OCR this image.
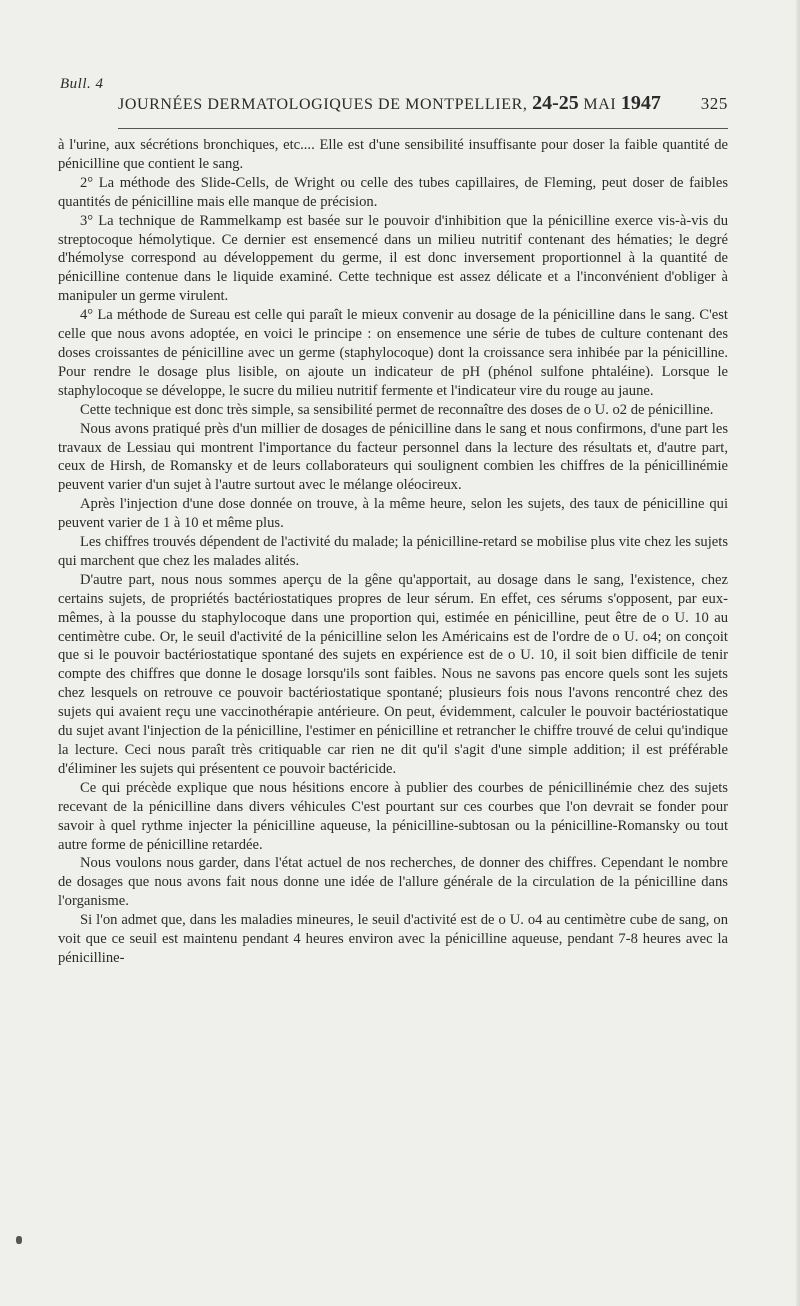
Bull. 4
JOURNÉES DERMATOLOGIQUES DE MONTPELLIER, 24-25 MAI 1947 325

à l'urine, aux sécrétions bronchiques, etc.... Elle est d'une sensibilité insuffisante pour doser la faible quantité de pénicilline que contient le sang.

2° La méthode des Slide-Cells, de Wright ou celle des tubes capillaires, de Fleming, peut doser de faibles quantités de pénicilline mais elle manque de précision.

3° La technique de Rammelkamp est basée sur le pouvoir d'inhibition que la pénicilline exerce vis-à-vis du streptocoque hémolytique. Ce dernier est ensemencé dans un milieu nutritif contenant des hématies; le degré d'hémolyse correspond au développement du germe, il est donc inversement proportionnel à la quantité de pénicilline contenue dans le liquide examiné. Cette technique est assez délicate et a l'inconvénient d'obliger à manipuler un germe virulent.

4° La méthode de Sureau est celle qui paraît le mieux convenir au dosage de la pénicilline dans le sang. C'est celle que nous avons adoptée, en voici le principe : on ensemence une série de tubes de culture contenant des doses croissantes de pénicilline avec un germe (staphylocoque) dont la croissance sera inhibée par la pénicilline. Pour rendre le dosage plus lisible, on ajoute un indicateur de pH (phénol sulfone phtaléine). Lorsque le staphylocoque se développe, le sucre du milieu nutritif fermente et l'indicateur vire du rouge au jaune.

Cette technique est donc très simple, sa sensibilité permet de reconnaître des doses de o U. o2 de pénicilline.

Nous avons pratiqué près d'un millier de dosages de pénicilline dans le sang et nous confirmons, d'une part les travaux de Lessiau qui montrent l'importance du facteur personnel dans la lecture des résultats et, d'autre part, ceux de Hirsh, de Romansky et de leurs collaborateurs qui soulignent combien les chiffres de la pénicillinémie peuvent varier d'un sujet à l'autre surtout avec le mélange oléocireux.

Après l'injection d'une dose donnée on trouve, à la même heure, selon les sujets, des taux de pénicilline qui peuvent varier de 1 à 10 et même plus.

Les chiffres trouvés dépendent de l'activité du malade; la pénicilline-retard se mobilise plus vite chez les sujets qui marchent que chez les malades alités.

D'autre part, nous nous sommes aperçu de la gêne qu'apportait, au dosage dans le sang, l'existence, chez certains sujets, de propriétés bactériostatiques propres de leur sérum. En effet, ces sérums s'opposent, par eux-mêmes, à la pousse du staphylocoque dans une proportion qui, estimée en pénicilline, peut être de o U. 10 au centimètre cube. Or, le seuil d'activité de la pénicilline selon les Américains est de l'ordre de o U. o4; on conçoit que si le pouvoir bactériostatique spontané des sujets en expérience est de o U. 10, il soit bien difficile de tenir compte des chiffres que donne le dosage lorsqu'ils sont faibles. Nous ne savons pas encore quels sont les sujets chez lesquels on retrouve ce pouvoir bactériostatique spontané; plusieurs fois nous l'avons rencontré chez des sujets qui avaient reçu une vaccinothérapie antérieure. On peut, évidemment, calculer le pouvoir bactériostatique du sujet avant l'injection de la pénicilline, l'estimer en pénicilline et retrancher le chiffre trouvé de celui qu'indique la lecture. Ceci nous paraît très critiquable car rien ne dit qu'il s'agit d'une simple addition; il est préférable d'éliminer les sujets qui présentent ce pouvoir bactéricide.

Ce qui précède explique que nous hésitions encore à publier des courbes de pénicillinémie chez des sujets recevant de la pénicilline dans divers véhicules C'est pourtant sur ces courbes que l'on devrait se fonder pour savoir à quel rythme injecter la pénicilline aqueuse, la pénicilline-subtosan ou la pénicilline-Romansky ou tout autre forme de pénicilline retardée.

Nous voulons nous garder, dans l'état actuel de nos recherches, de donner des chiffres. Cependant le nombre de dosages que nous avons fait nous donne une idée de l'allure générale de la circulation de la pénicilline dans l'organisme.

Si l'on admet que, dans les maladies mineures, le seuil d'activité est de o U. o4 au centimètre cube de sang, on voit que ce seuil est maintenu pendant 4 heures environ avec la pénicilline aqueuse, pendant 7-8 heures avec la pénicilline-
